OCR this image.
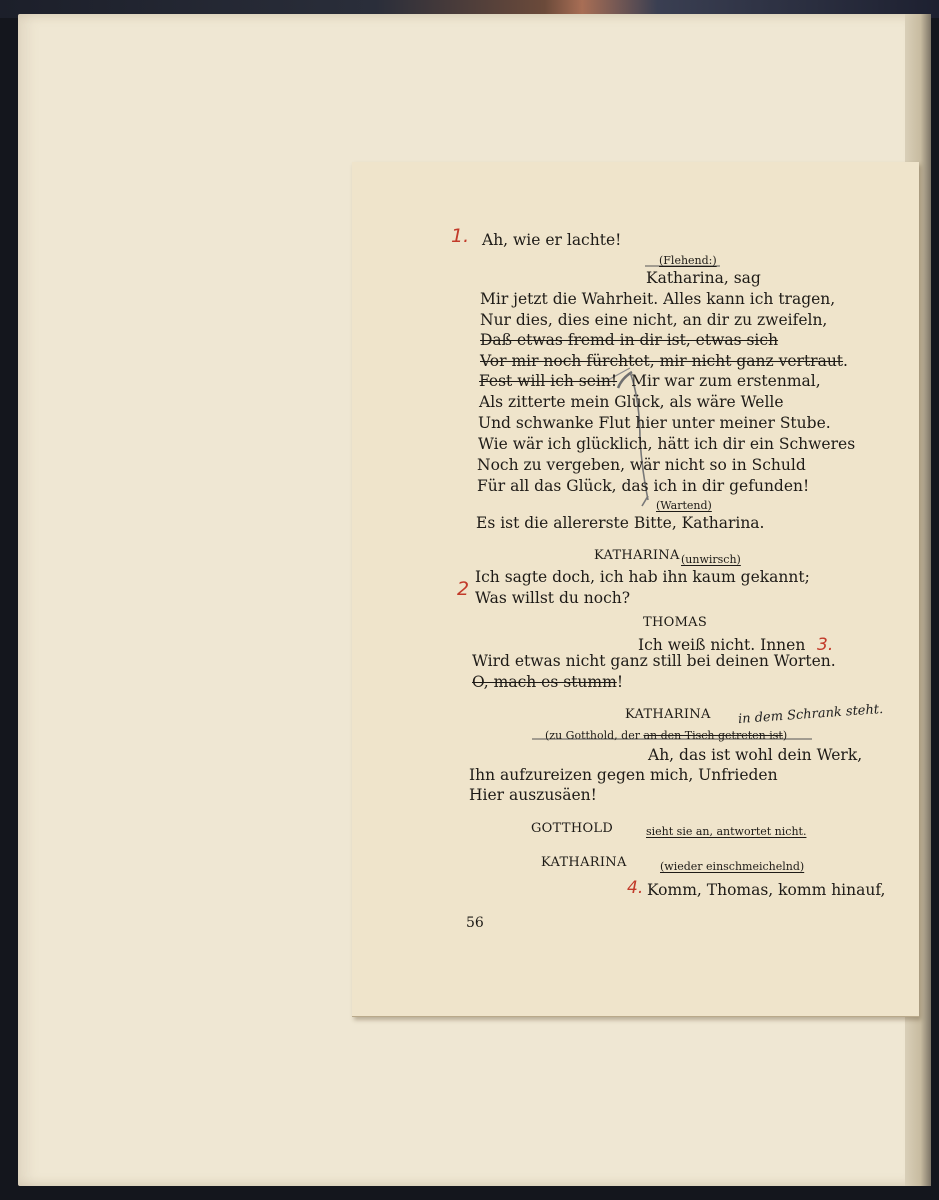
1.
2
3.
4.
Ah, wie er lachte!
(Flehend:)
Katharina, sag
Mir jetzt die Wahrheit. Alles kann ich tragen,
Nur dies, dies eine nicht, an dir zu zweifeln,
Daß etwas fremd in dir ist, etwas sich
Vor mir noch fürchtet, mir nicht ganz vertraut.
Fest will ich sein! Mir war zum erstenmal,
Als zitterte mein Glück, als wäre Welle
Und schwanke Flut hier unter meiner Stube.
Wie wär ich glücklich, hätt ich dir ein Schweres
Noch zu vergeben, wär nicht so in Schuld
Für all das Glück, das ich in dir gefunden!
(Wartend)
Es ist die allererste Bitte, Katharina.
KATHARINA (unwirsch)
Ich sagte doch, ich hab ihn kaum gekannt;
Was willst du noch?
THOMAS
Ich weiß nicht. Innen
Wird etwas nicht ganz still bei deinen Worten.
O, mach es stumm!
KATHARINA in dem Schrank steht.
(zu Gotthold, der an den Tisch getreten ist)
Ah, das ist wohl dein Werk,
Ihn aufzureizen gegen mich, Unfrieden
Hier auszusäen!
GOTTHOLD	sieht sie an, antwortet nicht.
KATHARINA	(wieder einschmeichelnd)
Komm, Thomas, komm hinauf,
56
